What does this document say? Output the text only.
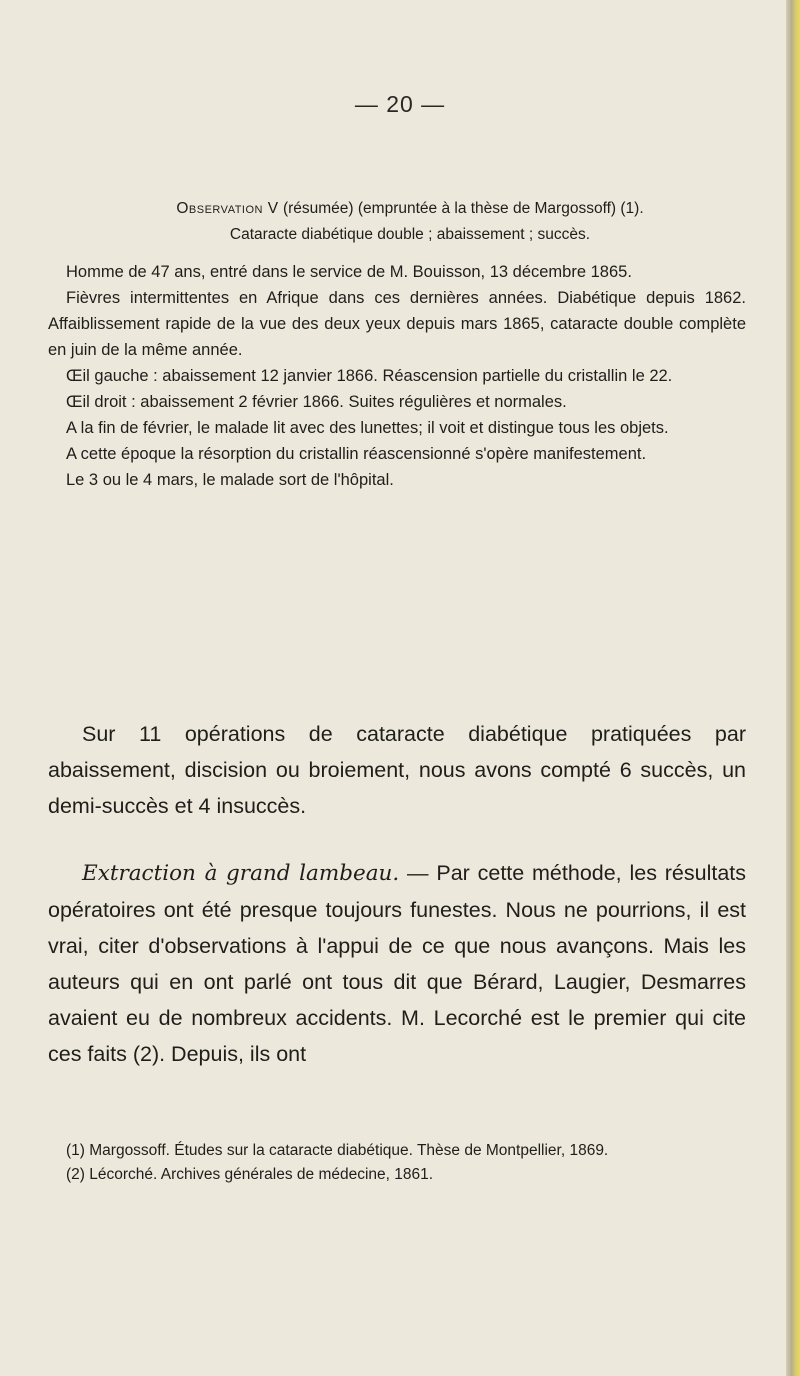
— 20 —
Observation V (résumée) (empruntée à la thèse de Margossoff) (1).
Cataracte diabétique double ; abaissement ; succès.

Homme de 47 ans, entré dans le service de M. Bouisson, 13 décembre 1865.

Fièvres intermittentes en Afrique dans ces dernières années. Diabétique depuis 1862. Affaiblissement rapide de la vue des deux yeux depuis mars 1865, cataracte double complète en juin de la même année.

Œil gauche : abaissement 12 janvier 1866. Réascension partielle du cristallin le 22.

Œil droit : abaissement 2 février 1866. Suites régulières et normales.

A la fin de février, le malade lit avec des lunettes; il voit et distingue tous les objets.

A cette époque la résorption du cristallin réascensionné s'opère manifestement.

Le 3 ou le 4 mars, le malade sort de l'hôpital.

Sur 11 opérations de cataracte diabétique pratiquées par abaissement, discision ou broiement, nous avons compté 6 succès, un demi-succès et 4 insuccès.

Extraction à grand lambeau. — Par cette méthode, les résultats opératoires ont été presque toujours funestes. Nous ne pourrions, il est vrai, citer d'observations à l'appui de ce que nous avançons. Mais les auteurs qui en ont parlé ont tous dit que Bérard, Laugier, Desmarres avaient eu de nombreux accidents. M. Lecorché est le premier qui cite ces faits (2). Depuis, ils ont

(1) Margossoff. Études sur la cataracte diabétique. Thèse de Montpellier, 1869.

(2) Lécorché. Archives générales de médecine, 1861.
